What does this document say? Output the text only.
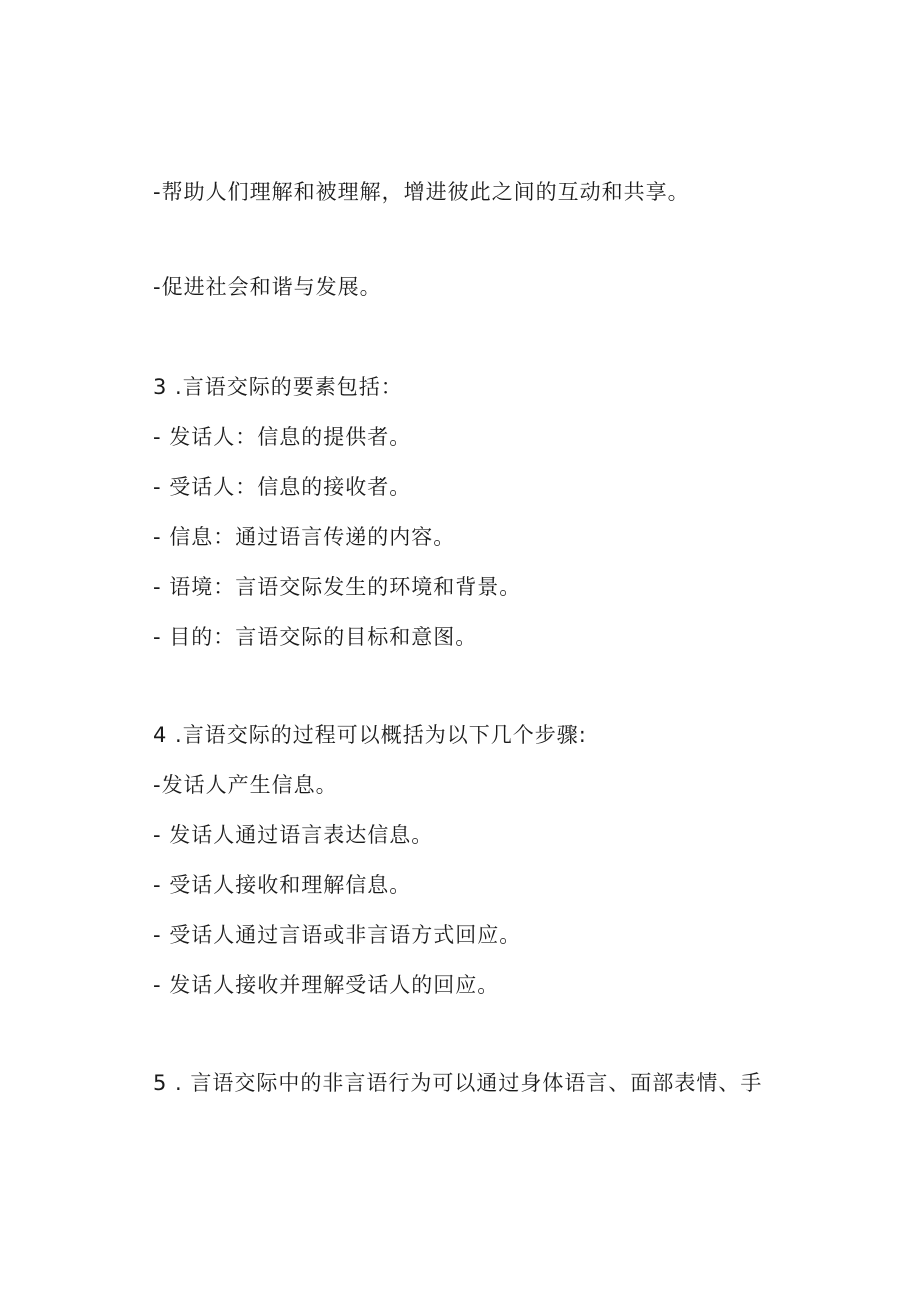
-帮助人们理解和被理解，增进彼此之间的互动和共享。
-促进社会和谐与发展。
3 .言语交际的要素包括：
- 发话人：信息的提供者。
- 受话人：信息的接收者。
- 信息：通过语言传递的内容。
- 语境：言语交际发生的环境和背景。
- 目的：言语交际的目标和意图。
4 .言语交际的过程可以概括为以下几个步骤:
-发话人产生信息。
- 发话人通过语言表达信息。
- 受话人接收和理解信息。
- 受话人通过言语或非言语方式回应。
- 发话人接收并理解受话人的回应。
5 . 言语交际中的非言语行为可以通过身体语言、面部表情、手
